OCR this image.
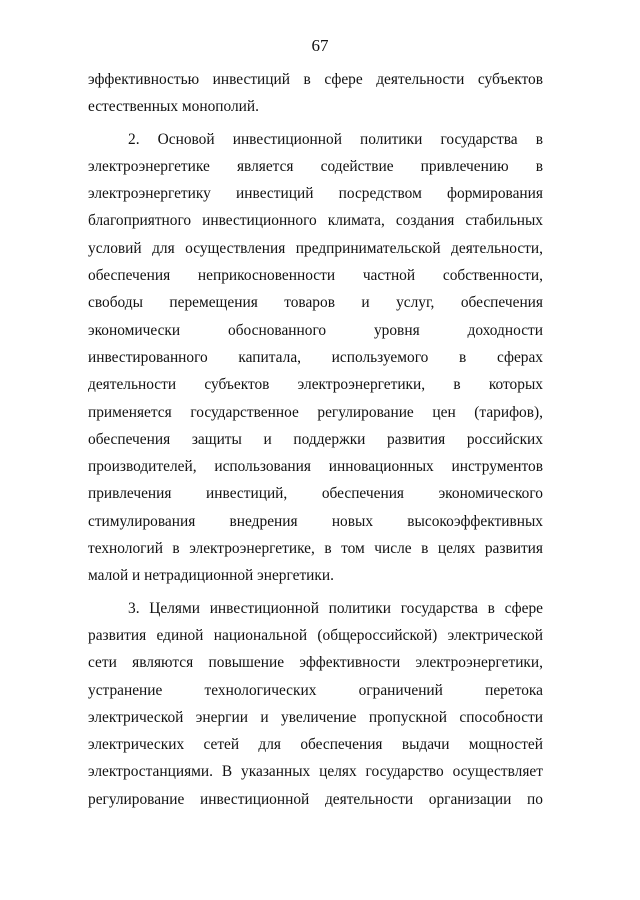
67
эффективностью инвестиций в сфере деятельности субъектов
естественных монополий.
2. Основой инвестиционной политики государства в
электроэнергетике является содействие привлечению в
электроэнергетику инвестиций посредством формирования
благоприятного инвестиционного климата, создания стабильных
условий для осуществления предпринимательской деятельности,
обеспечения неприкосновенности частной собственности,
свободы перемещения товаров и услуг, обеспечения
экономически обоснованного уровня доходности
инвестированного капитала, используемого в сферах
деятельности субъектов электроэнергетики, в которых
применяется государственное регулирование цен (тарифов),
обеспечения защиты и поддержки развития российских
производителей, использования инновационных инструментов
привлечения инвестиций, обеспечения экономического
стимулирования внедрения новых высокоэффективных
технологий в электроэнергетике, в том числе в целях развития
малой и нетрадиционной энергетики.
3. Целями инвестиционной политики государства в сфере
развития единой национальной (общероссийской) электрической
сети являются повышение эффективности электроэнергетики,
устранение технологических ограничений перетока
электрической энергии и увеличение пропускной способности
электрических сетей для обеспечения выдачи мощностей
электростанциями. В указанных целях государство осуществляет
регулирование инвестиционной деятельности организации по
